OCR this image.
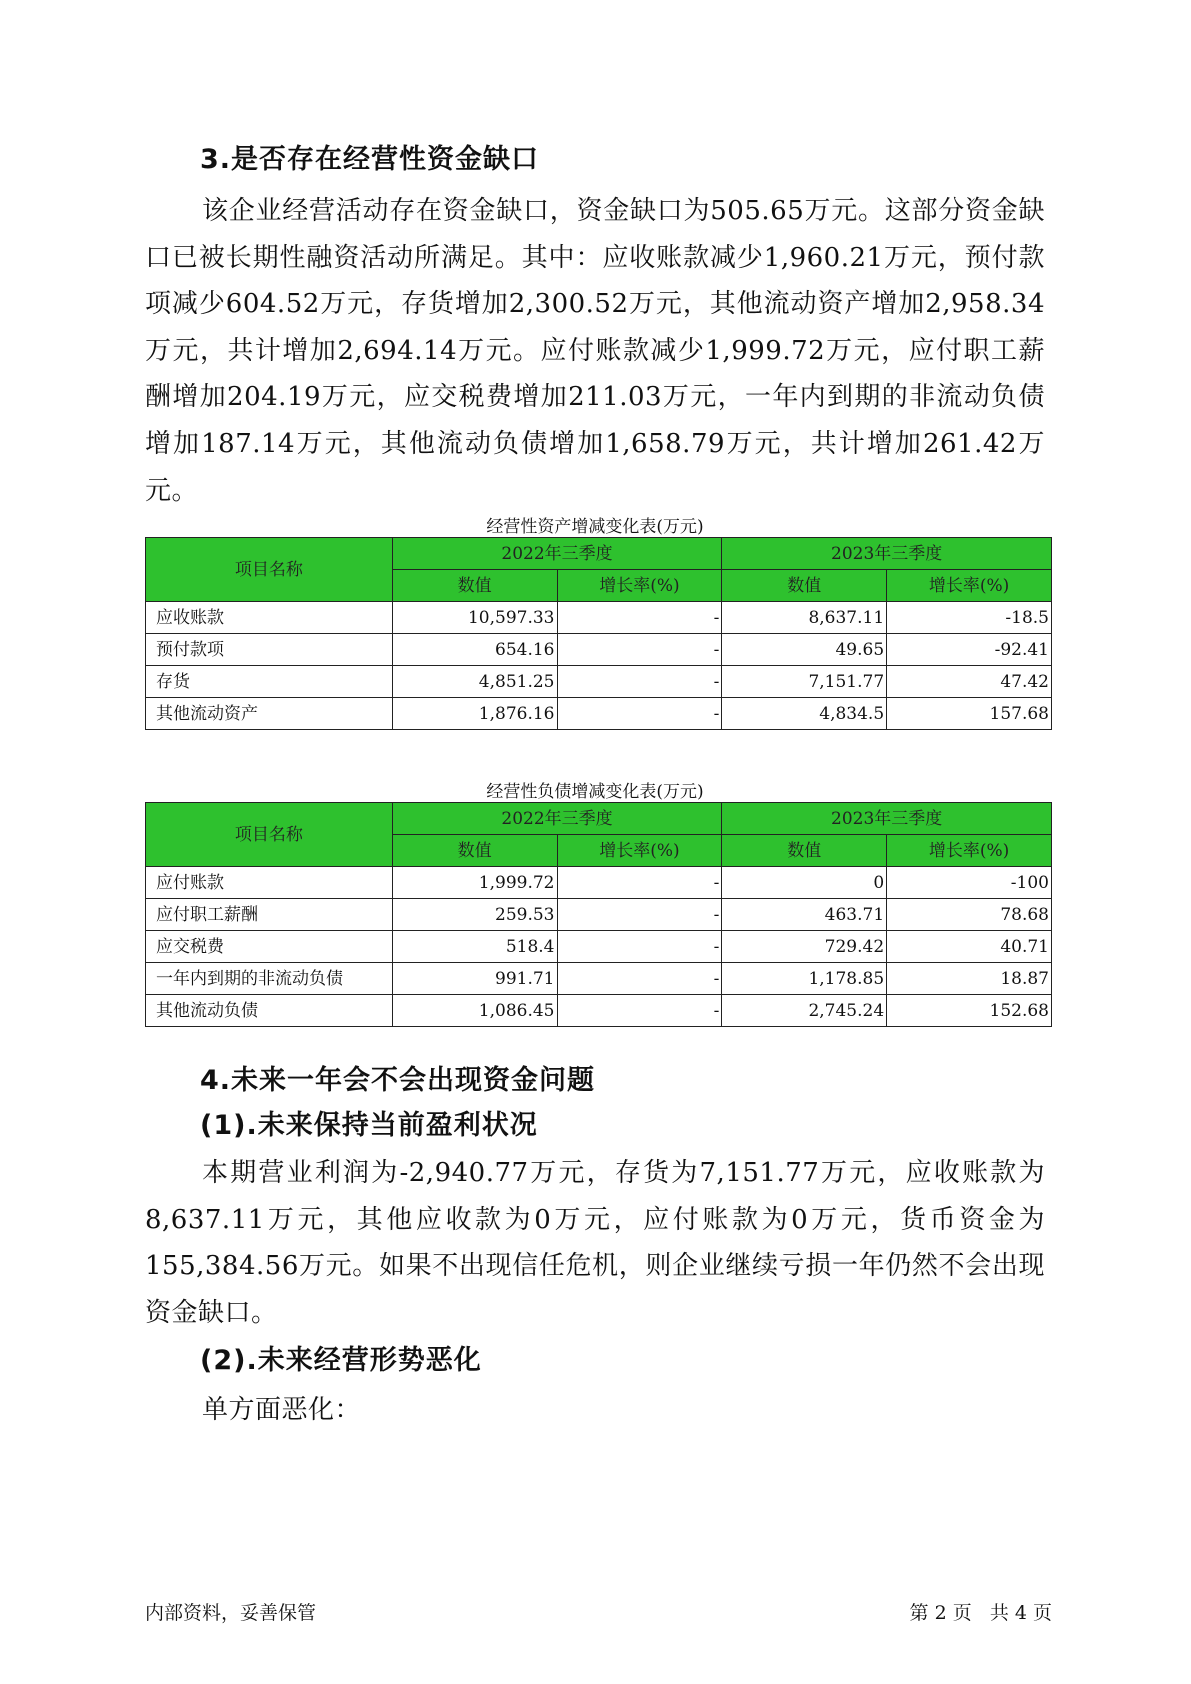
3.是否存在经营性资金缺口

该企业经营活动存在资金缺口，资金缺口为505.65万元。这部分资金缺口已被长期性融资活动所满足。其中：应收账款减少1,960.21万元，预付款项减少604.52万元，存货增加2,300.52万元，其他流动资产增加2,958.34万元，共计增加2,694.14万元。应付账款减少1,999.72万元，应付职工薪酬增加204.19万元，应交税费增加211.03万元，一年内到期的非流动负债增加187.14万元，其他流动负债增加1,658.79万元，共计增加261.42万元。

经营性资产增减变化表(万元)
项目名称	2022年三季度		2023年三季度	
	数值	增长率(%)	数值	增长率(%)
应收账款	10,597.33	-	8,637.11	-18.5
预付款项	654.16	-	49.65	-92.41
存货	4,851.25	-	7,151.77	47.42
其他流动资产	1,876.16	-	4,834.5	157.68
经营性负债增减变化表(万元)
项目名称	2022年三季度		2023年三季度	
	数值	增长率(%)	数值	增长率(%)
应付账款	1,999.72	-	0	-100
应付职工薪酬	259.53	-	463.71	78.68
应交税费	518.4	-	729.42	40.71
一年内到期的非流动负债	991.71	-	1,178.85	18.87
其他流动负债	1,086.45	-	2,745.24	152.68
4.未来一年会不会出现资金问题
(1).未来保持当前盈利状况

本期营业利润为-2,940.77万元，存货为7,151.77万元，应收账款为8,637.11万元，其他应收款为0万元，应付账款为0万元，货币资金为155,384.56万元。如果不出现信任危机，则企业继续亏损一年仍然不会出现资金缺口。

(2).未来经营形势恶化

单方面恶化：

内部资料，妥善保管	第 2 页   共 4 页
